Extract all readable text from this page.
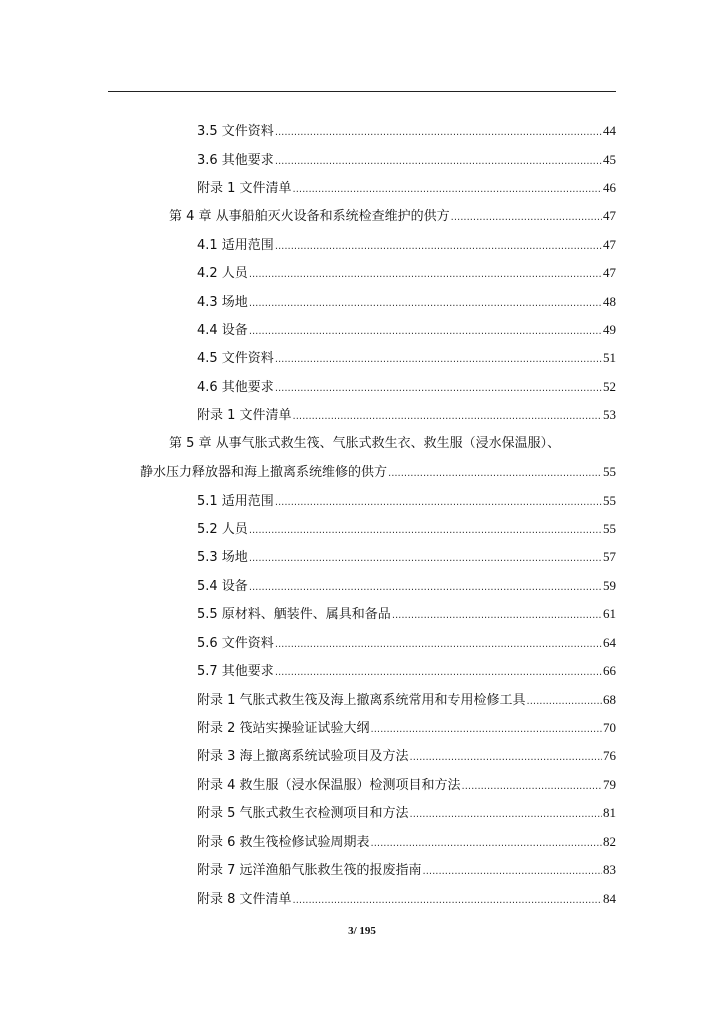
3.5 文件资料 .....	44
3.6 其他要求 .....	45
附录 1 文件清单 .....	46
第 4 章 从事船舶灭火设备和系统检查维护的供方 .....	47
4.1 适用范围 .....	47
4.2 人员 .....	47
4.3 场地 .....	48
4.4 设备 .....	49
4.5 文件资料 .....	51
4.6 其他要求 .....	52
附录 1 文件清单 .....	53
第 5 章 从事气胀式救生筏、气胀式救生衣、救生服（浸水保温服）、
静水压力释放器和海上撤离系统维修的供方 .....	55
5.1 适用范围 .....	55
5.2 人员 .....	55
5.3 场地 .....	57
5.4 设备 .....	59
5.5 原材料、舾装件、属具和备品 .....	61
5.6 文件资料 .....	64
5.7 其他要求 .....	66
附录 1 气胀式救生筏及海上撤离系统常用和专用检修工具 .....	68
附录 2 筏站实操验证试验大纲 .....	70
附录 3 海上撤离系统试验项目及方法 .....	76
附录 4 救生服（浸水保温服）检测项目和方法 .....	79
附录 5 气胀式救生衣检测项目和方法 .....	81
附录 6 救生筏检修试验周期表 .....	82
附录 7 远洋渔船气胀救生筏的报废指南 .....	83
附录 8 文件清单 .....	84
3/ 195
